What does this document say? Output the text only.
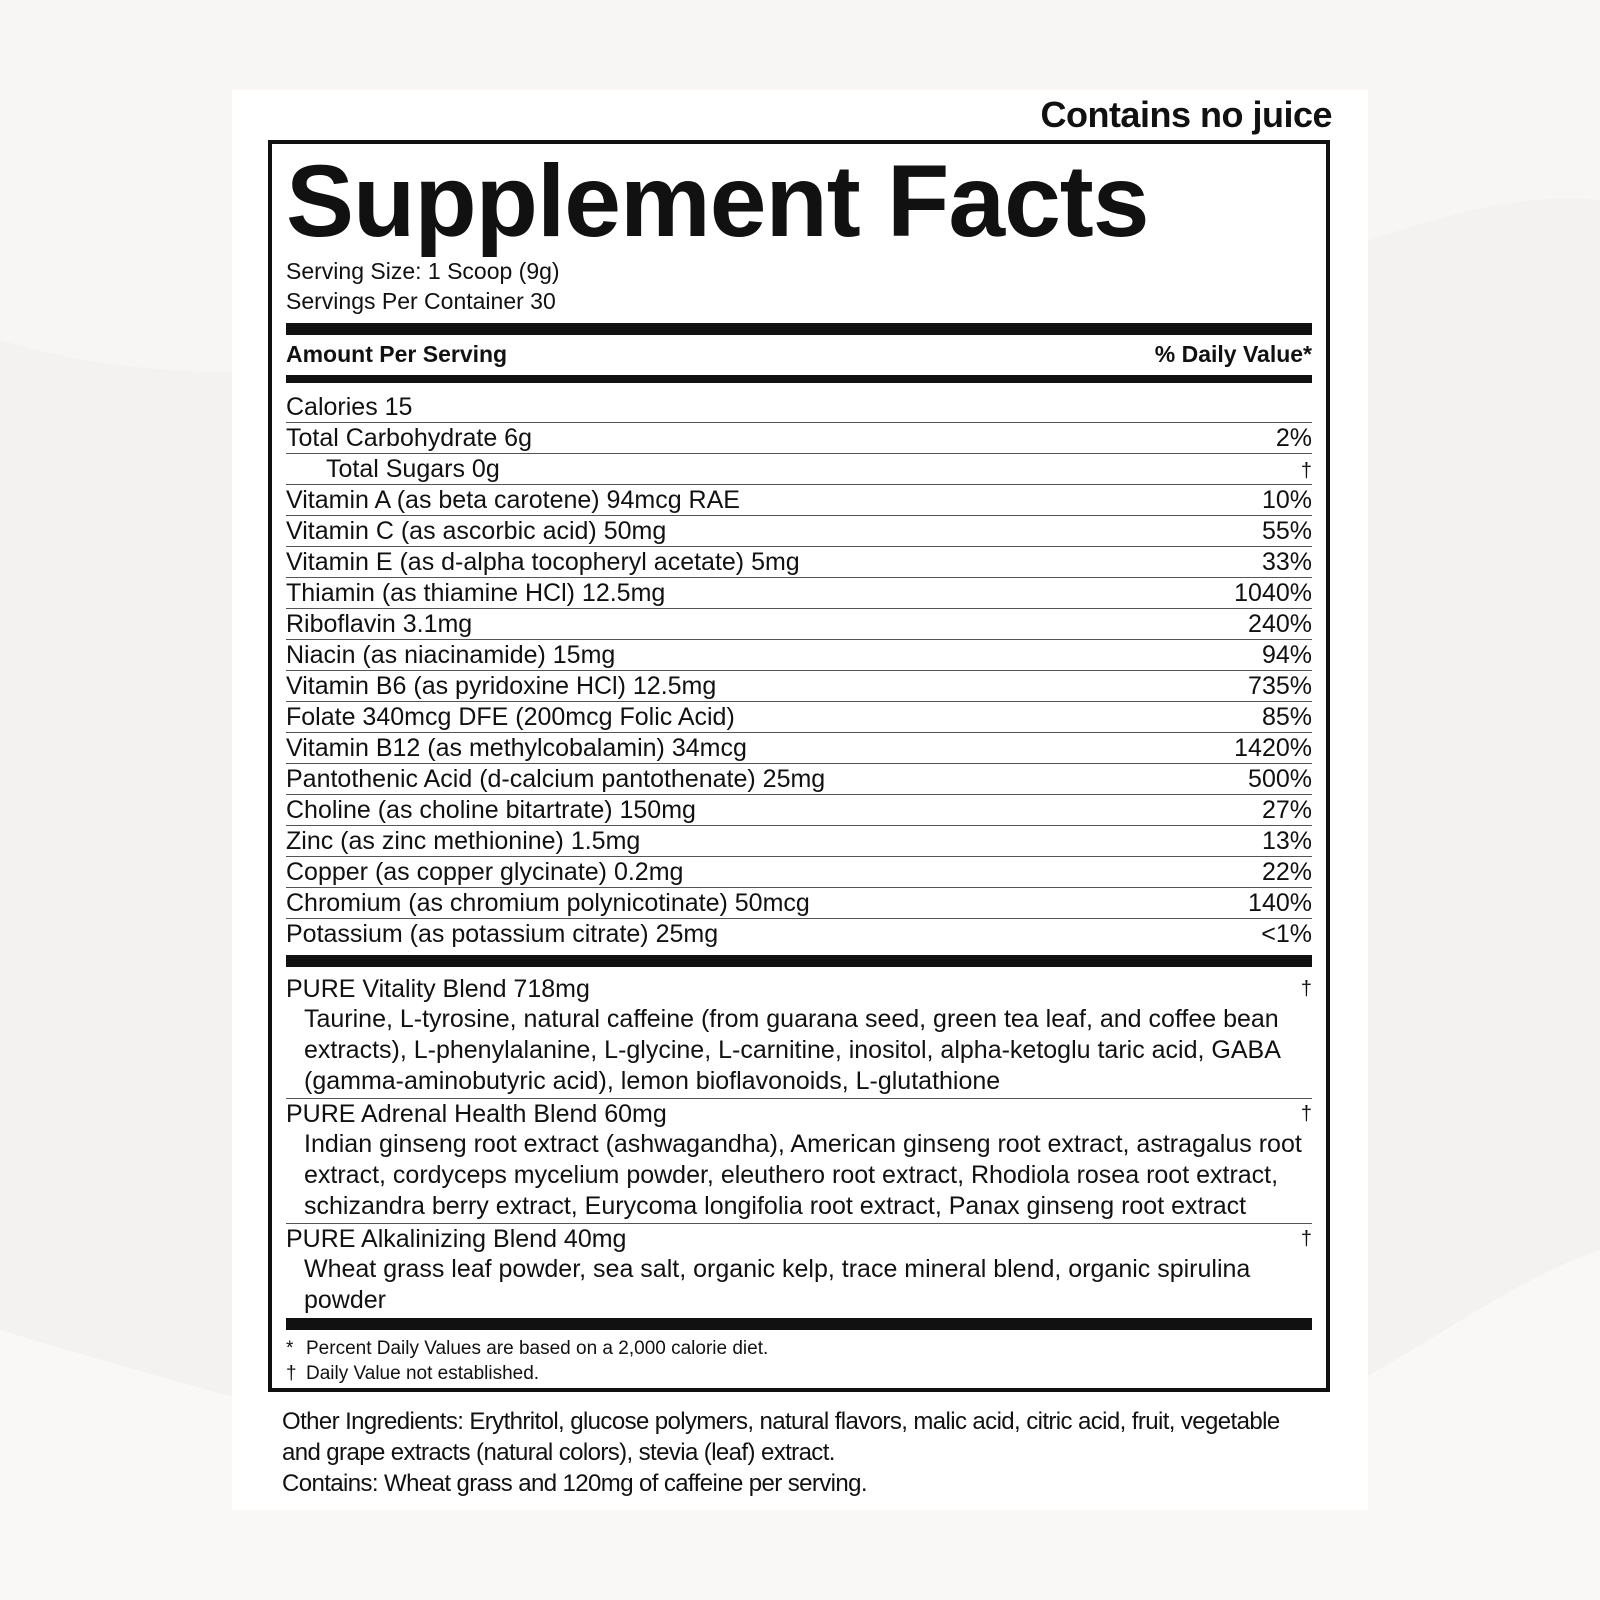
Contains no juice
Supplement Facts
Serving Size: 1 Scoop (9g)
Servings Per Container 30
Amount Per Serving	% Daily Value*
Calories 15
Total Carbohydrate 6g	2%
Total Sugars 0g	†
Vitamin A (as beta carotene) 94mcg RAE	10%
Vitamin C (as ascorbic acid) 50mg	55%
Vitamin E (as d-alpha tocopheryl acetate) 5mg	33%
Thiamin (as thiamine HCl) 12.5mg	1040%
Riboflavin 3.1mg	240%
Niacin (as niacinamide) 15mg	94%
Vitamin B6 (as pyridoxine HCl) 12.5mg	735%
Folate 340mcg DFE (200mcg Folic Acid)	85%
Vitamin B12 (as methylcobalamin) 34mcg	1420%
Pantothenic Acid (d-calcium pantothenate) 25mg	500%
Choline (as choline bitartrate) 150mg	27%
Zinc (as zinc methionine) 1.5mg	13%
Copper (as copper glycinate) 0.2mg	22%
Chromium (as chromium polynicotinate) 50mcg	140%
Potassium (as potassium citrate) 25mg	<1%
PURE Vitality Blend 718mg	†
Taurine, L-tyrosine, natural caffeine (from guarana seed, green tea leaf, and coffee bean extracts), L-phenylalanine, L-glycine, L-carnitine, inositol, alpha-ketoglu taric acid, GABA (gamma-aminobutyric acid), lemon bioflavonoids, L-glutathione
PURE Adrenal Health Blend 60mg	†
Indian ginseng root extract (ashwagandha), American ginseng root extract, astragalus root extract, cordyceps mycelium powder, eleuthero root extract, Rhodiola rosea root extract, schizandra berry extract, Eurycoma longifolia root extract, Panax ginseng root extract
PURE Alkalinizing Blend 40mg	†
Wheat grass leaf powder, sea salt, organic kelp, trace mineral blend, organic spirulina powder
* Percent Daily Values are based on a 2,000 calorie diet.
† Daily Value not established.
Other Ingredients: Erythritol, glucose polymers, natural flavors, malic acid, citric acid, fruit, vegetable and grape extracts (natural colors), stevia (leaf) extract.
Contains: Wheat grass and 120mg of caffeine per serving.
